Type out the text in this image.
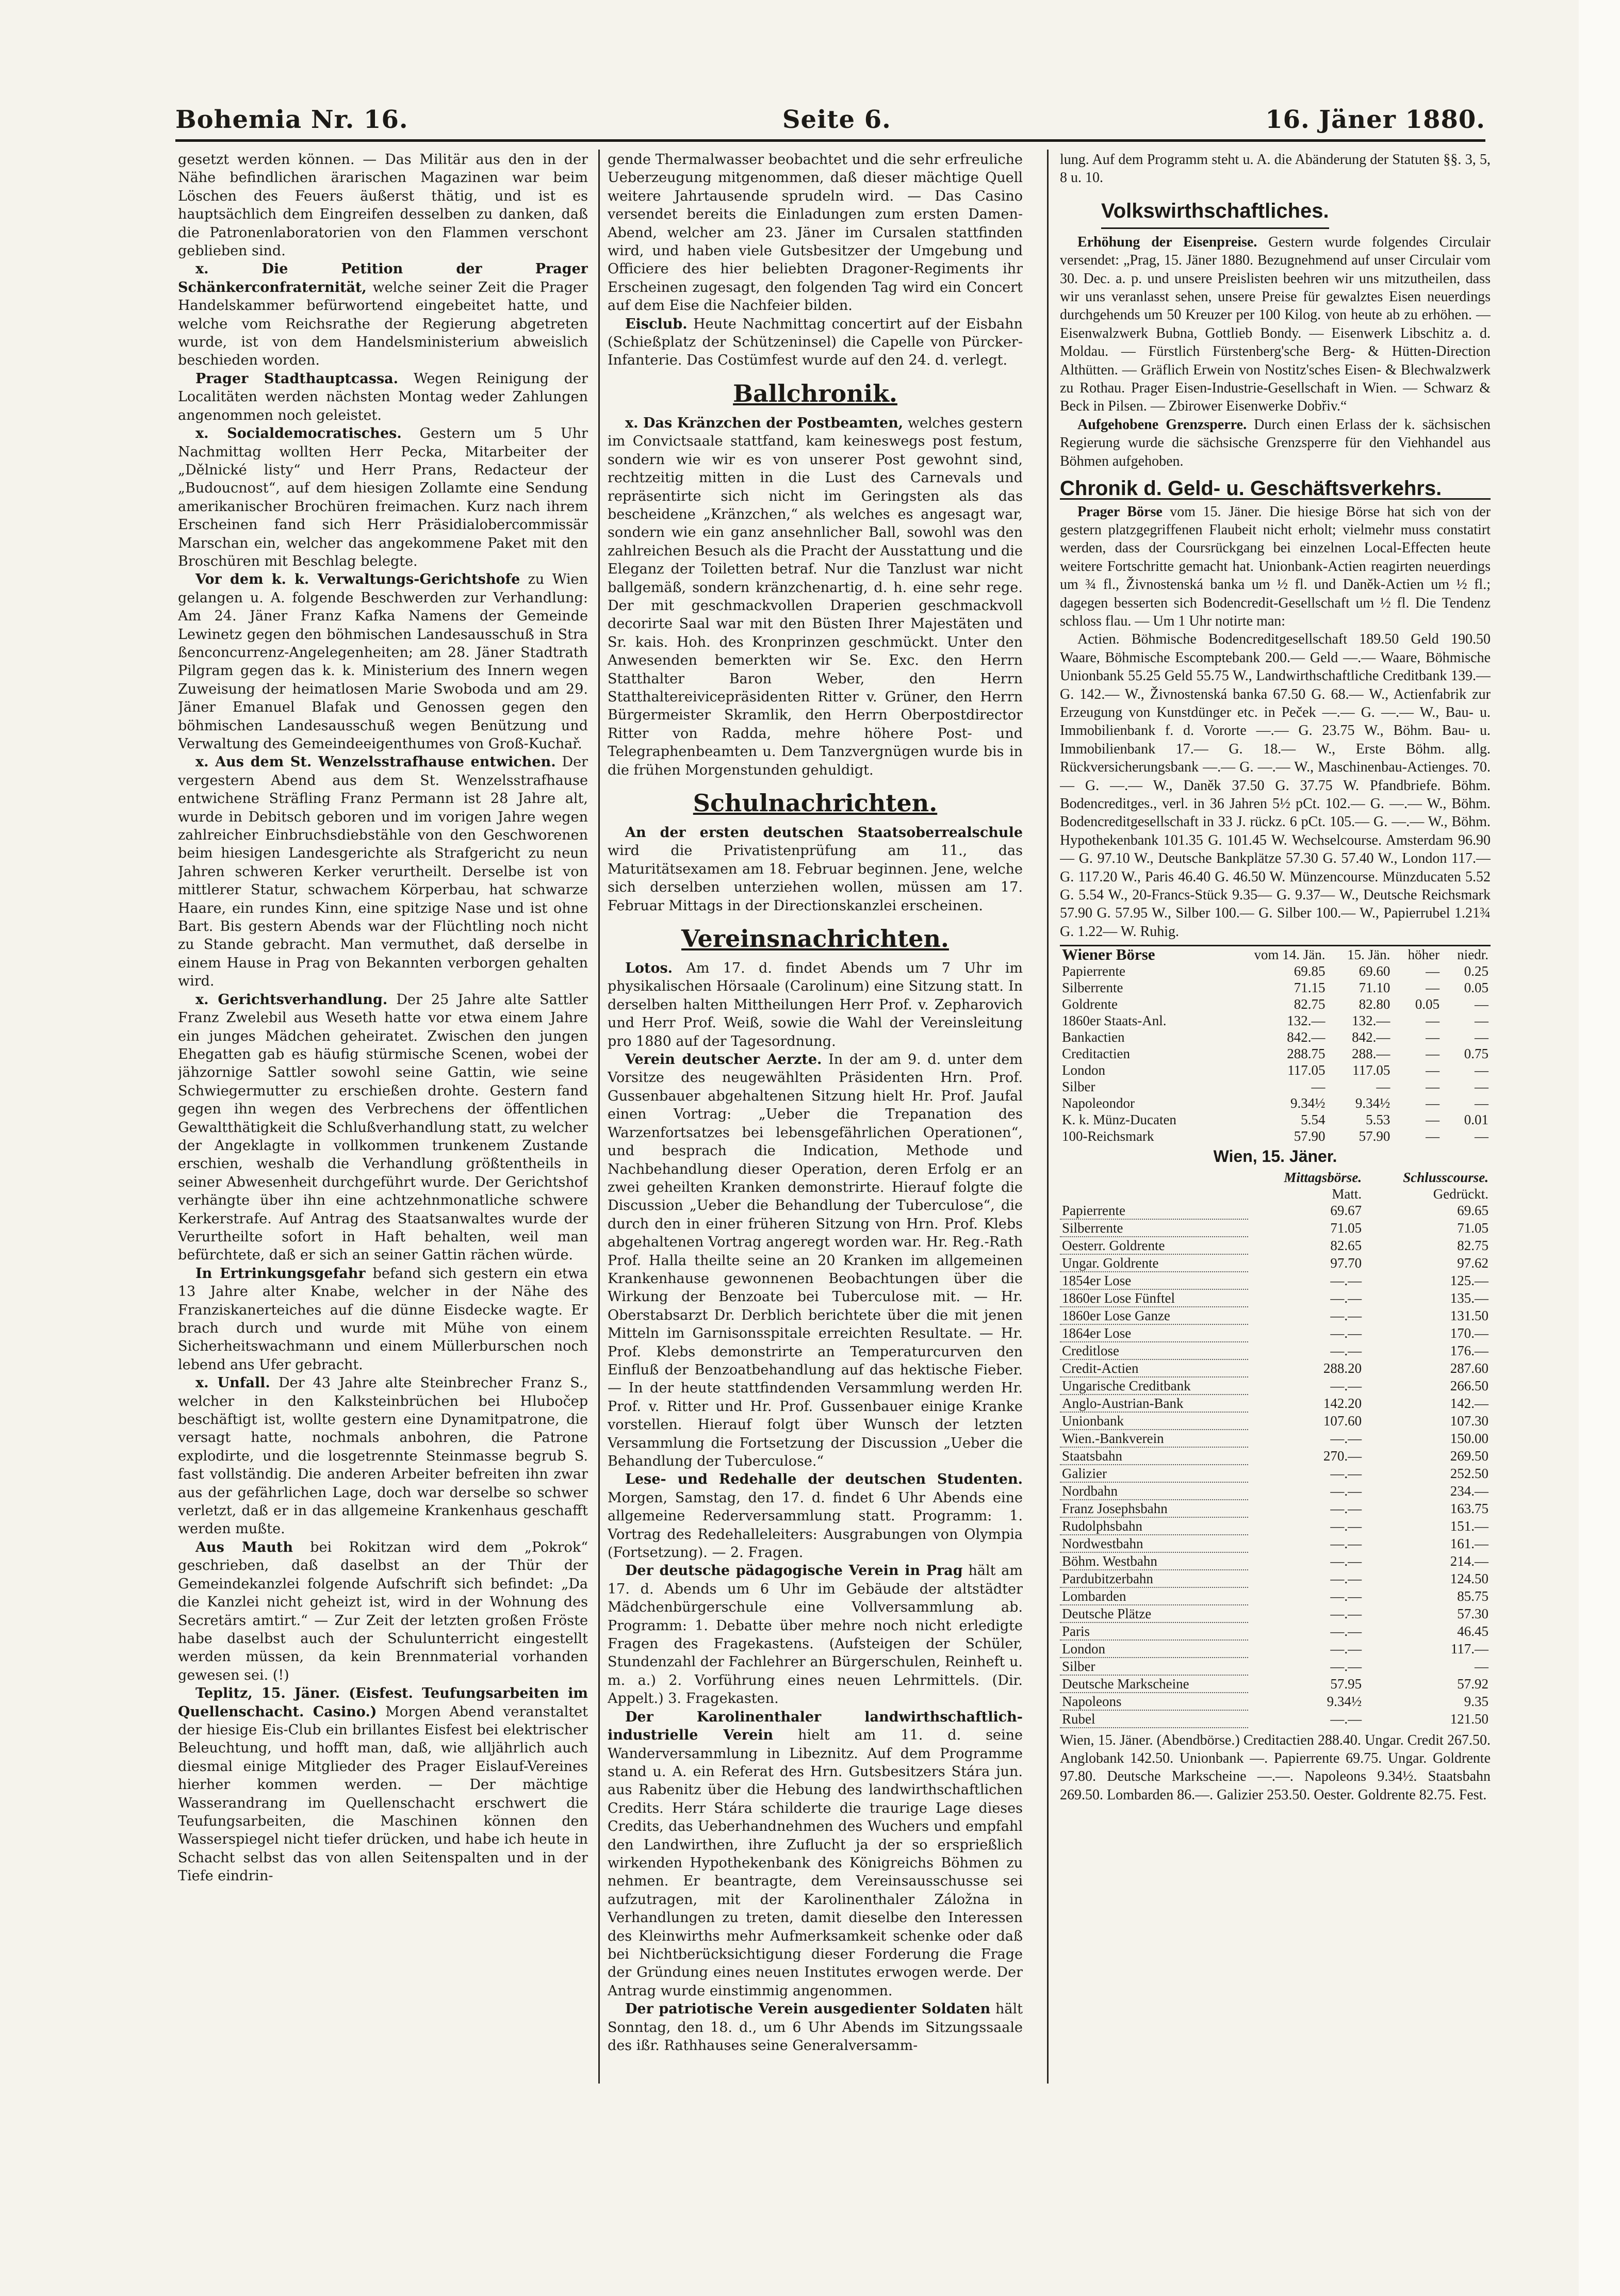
Bohemia Nr. 16.	Seite 6.	16. Jäner 1880.

gesetzt werden können. — Das Militär aus den in der Nähe befindlichen ärarischen Magazinen war beim Löschen des Feuers äußerst thätig, und ist es hauptsächlich dem Eingreifen desselben zu danken, daß die Patronenlaboratorien von den Flammen verschont geblieben sind.

x. Die Petition der Prager Schänkerconfraternität, welche seiner Zeit die Prager Handelskammer befürwortend eingebeitet hatte, und welche vom Reichsrathe der Regierung abgetreten wurde, ist von dem Handelsministerium abweislich beschieden worden.

Prager Stadthauptcassa. Wegen Reinigung der Localitäten werden nächsten Montag weder Zahlungen angenommen noch geleistet.

x. Socialdemocratisches. Gestern um 5 Uhr Nachmittag wollten Herr Pecka, Mitarbeiter der „Dělnické listy“ und Herr Prans, Redacteur der „Budoucnost“, auf dem hiesigen Zollamte eine Sendung amerikanischer Brochüren freimachen. Kurz nach ihrem Erscheinen fand sich Herr Präsidialobercommissär Marschan ein, welcher das angekommene Paket mit den Broschüren mit Beschlag belegte.

Vor dem k. k. Verwaltungs-Gerichtshofe zu Wien gelangen u. A. folgende Beschwerden zur Verhandlung: Am 24. Jäner Franz Kafka Namens der Gemeinde Lewinetz gegen den böhmischen Landesausschuß in Stra ßenconcurrenz-Angelegenheiten; am 28. Jäner Stadtrath Pilgram gegen das k. k. Ministerium des Innern wegen Zuweisung der heimatlosen Marie Swoboda und am 29. Jäner Emanuel Blafak und Genossen gegen den böhmischen Landesausschuß wegen Benützung und Verwaltung des Gemeindeeigenthumes von Groß-Kuchař.

x. Aus dem St. Wenzelsstrafhause entwichen. Der vergestern Abend aus dem St. Wenzelsstrafhause entwichene Sträfling Franz Permann ist 28 Jahre alt, wurde in Debitsch geboren und im vorigen Jahre wegen zahlreicher Einbruchsdiebstähle von den Geschworenen beim hiesigen Landesgerichte als Strafgericht zu neun Jahren schweren Kerker verurtheilt. Derselbe ist von mittlerer Statur, schwachem Körperbau, hat schwarze Haare, ein rundes Kinn, eine spitzige Nase und ist ohne Bart. Bis gestern Abends war der Flüchtling noch nicht zu Stande gebracht. Man vermuthet, daß derselbe in einem Hause in Prag von Bekannten verborgen gehalten wird.

x. Gerichtsverhandlung. Der 25 Jahre alte Sattler Franz Zwelebil aus Weseth hatte vor etwa einem Jahre ein junges Mädchen geheiratet. Zwischen den jungen Ehegatten gab es häufig stürmische Scenen, wobei der jähzornige Sattler sowohl seine Gattin, wie seine Schwiegermutter zu erschießen drohte. Gestern fand gegen ihn wegen des Verbrechens der öffentlichen Gewaltthätigkeit die Schlußverhandlung statt, zu welcher der Angeklagte in vollkommen trunkenem Zustande erschien, weshalb die Verhandlung größtentheils in seiner Abwesenheit durchgeführt wurde. Der Gerichtshof verhängte über ihn eine achtzehnmonatliche schwere Kerkerstrafe. Auf Antrag des Staatsanwaltes wurde der Verurtheilte sofort in Haft behalten, weil man befürchtete, daß er sich an seiner Gattin rächen würde.

In Ertrinkungsgefahr befand sich gestern ein etwa 13 Jahre alter Knabe, welcher in der Nähe des Franziskanerteiches auf die dünne Eisdecke wagte. Er brach durch und wurde mit Mühe von einem Sicherheitswachmann und einem Müllerburschen noch lebend ans Ufer gebracht.

x. Unfall. Der 43 Jahre alte Steinbrecher Franz S., welcher in den Kalksteinbrüchen bei Hlubočep beschäftigt ist, wollte gestern eine Dynamitpatrone, die versagt hatte, nochmals anbohren, die Patrone explodirte, und die losgetrennte Steinmasse begrub S. fast vollständig. Die anderen Arbeiter befreiten ihn zwar aus der gefährlichen Lage, doch war derselbe so schwer verletzt, daß er in das allgemeine Krankenhaus geschafft werden mußte.

Aus Mauth bei Rokitzan wird dem „Pokrok“ geschrieben, daß daselbst an der Thür der Gemeindekanzlei folgende Aufschrift sich befindet: „Da die Kanzlei nicht geheizt ist, wird in der Wohnung des Secretärs amtirt.“ — Zur Zeit der letzten großen Fröste habe daselbst auch der Schulunterricht eingestellt werden müssen, da kein Brennmaterial vorhanden gewesen sei. (!)

Teplitz, 15. Jäner. (Eisfest. Teufungsarbeiten im Quellenschacht. Casino.) Morgen Abend veranstaltet der hiesige Eis-Club ein brillantes Eisfest bei elektrischer Beleuchtung, und hofft man, daß, wie alljährlich auch diesmal einige Mitglieder des Prager Eislauf-Vereines hierher kommen werden. — Der mächtige Wasserandrang im Quellenschacht erschwert die Teufungsarbeiten, die Maschinen können den Wasserspiegel nicht tiefer drücken, und habe ich heute in Schacht selbst das von allen Seitenspalten und in der Tiefe eindrin-

gende Thermalwasser beobachtet und die sehr erfreuliche Ueberzeugung mitgenommen, daß dieser mächtige Quell weitere Jahrtausende sprudeln wird. — Das Casino versendet bereits die Einladungen zum ersten Damen-Abend, welcher am 23. Jäner im Cursalen stattfinden wird, und haben viele Gutsbesitzer der Umgebung und Officiere des hier beliebten Dragoner-Regiments ihr Erscheinen zugesagt, den folgenden Tag wird ein Concert auf dem Eise die Nachfeier bilden.

Eisclub. Heute Nachmittag concertirt auf der Eisbahn (Schießplatz der Schützeninsel) die Capelle von Pürcker-Infanterie. Das Costümfest wurde auf den 24. d. verlegt.

Ballchronik.

x. Das Kränzchen der Postbeamten, welches gestern im Convictsaale stattfand, kam keineswegs post festum, sondern wie wir es von unserer Post gewohnt sind, rechtzeitig mitten in die Lust des Carnevals und repräsentirte sich nicht im Geringsten als das bescheidene „Kränzchen,“ als welches es angesagt war, sondern wie ein ganz ansehnlicher Ball, sowohl was den zahlreichen Besuch als die Pracht der Ausstattung und die Eleganz der Toiletten betraf. Nur die Tanzlust war nicht ballgemäß, sondern kränzchenartig, d. h. eine sehr rege. Der mit geschmackvollen Draperien geschmackvoll decorirte Saal war mit den Büsten Ihrer Majestäten und Sr. kais. Hoh. des Kronprinzen geschmückt. Unter den Anwesenden bemerkten wir Se. Exc. den Herrn Statthalter Baron Weber, den Herrn Statthaltereivicepräsidenten Ritter v. Grüner, den Herrn Bürgermeister Skramlik, den Herrn Oberpostdirector Ritter von Radda, mehre höhere Post- und Telegraphenbeamten u. Dem Tanzvergnügen wurde bis in die frühen Morgenstunden gehuldigt.

Schulnachrichten.

An der ersten deutschen Staatsoberrealschule wird die Privatistenprüfung am 11., das Maturitätsexamen am 18. Februar beginnen. Jene, welche sich derselben unterziehen wollen, müssen am 17. Februar Mittags in der Directionskanzlei erscheinen.

Vereinsnachrichten.

Lotos. Am 17. d. findet Abends um 7 Uhr im physikalischen Hörsaale (Carolinum) eine Sitzung statt. In derselben halten Mittheilungen Herr Prof. v. Zepharovich und Herr Prof. Weiß, sowie die Wahl der Vereinsleitung pro 1880 auf der Tagesordnung.

Verein deutscher Aerzte. In der am 9. d. unter dem Vorsitze des neugewählten Präsidenten Hrn. Prof. Gussenbauer abgehaltenen Sitzung hielt Hr. Prof. Jaufal einen Vortrag: „Ueber die Trepanation des Warzenfortsatzes bei lebensgefährlichen Operationen“, und besprach die Indication, Methode und Nachbehandlung dieser Operation, deren Erfolg er an zwei geheilten Kranken demonstrirte. Hierauf folgte die Discussion „Ueber die Behandlung der Tuberculose“, die durch den in einer früheren Sitzung von Hrn. Prof. Klebs abgehaltenen Vortrag angeregt worden war. Hr. Reg.-Rath Prof. Halla theilte seine an 20 Kranken im allgemeinen Krankenhause gewonnenen Beobachtungen über die Wirkung der Benzoate bei Tuberculose mit. — Hr. Oberstabsarzt Dr. Derblich berichtete über die mit jenen Mitteln im Garnisonsspitale erreichten Resultate. — Hr. Prof. Klebs demonstrirte an Temperaturcurven den Einfluß der Benzoatbehandlung auf das hektische Fieber. — In der heute stattfindenden Versammlung werden Hr. Prof. v. Ritter und Hr. Prof. Gussenbauer einige Kranke vorstellen. Hierauf folgt über Wunsch der letzten Versammlung die Fortsetzung der Discussion „Ueber die Behandlung der Tuberculose.“

Lese- und Redehalle der deutschen Studenten. Morgen, Samstag, den 17. d. findet 6 Uhr Abends eine allgemeine Rederversammlung statt. Programm: 1. Vortrag des Redehalleleiters: Ausgrabungen von Olympia (Fortsetzung). — 2. Fragen.

Der deutsche pädagogische Verein in Prag hält am 17. d. Abends um 6 Uhr im Gebäude der altstädter Mädchenbürgerschule eine Vollversammlung ab. Programm: 1. Debatte über mehre noch nicht erledigte Fragen des Fragekastens. (Aufsteigen der Schüler, Stundenzahl der Fachlehrer an Bürgerschulen, Reinheft u. m. a.) 2. Vorführung eines neuen Lehrmittels. (Dir. Appelt.) 3. Fragekasten.

Der Karolinenthaler landwirthschaftlich-industrielle Verein hielt am 11. d. seine Wanderversammlung in Libeznitz. Auf dem Programme stand u. A. ein Referat des Hrn. Gutsbesitzers Stára jun. aus Rabenitz über die Hebung des landwirthschaftlichen Credits. Herr Stára schilderte die traurige Lage dieses Credits, das Ueberhandnehmen des Wuchers und empfahl den Landwirthen, ihre Zuflucht ja der so ersprießlich wirkenden Hypothekenbank des Königreichs Böhmen zu nehmen. Er beantragte, dem Vereinsausschusse sei aufzutragen, mit der Karolinenthaler Záložna in Verhandlungen zu treten, damit dieselbe den Interessen des Kleinwirths mehr Aufmerksamkeit schenke oder daß bei Nichtberücksichtigung dieser Forderung die Frage der Gründung eines neuen Institutes erwogen werde. Der Antrag wurde einstimmig angenommen.

Der patriotische Verein ausgedienter Soldaten hält Sonntag, den 18. d., um 6 Uhr Abends im Sitzungssaale des ißr. Rathhauses seine Generalversamm-

lung. Auf dem Programm steht u. A. die Abänderung der Statuten §§. 3, 5, 8 u. 10.

Volkswirthschaftliches.

Erhöhung der Eisenpreise. Gestern wurde folgendes Circulair versendet: „Prag, 15. Jäner 1880. Bezugnehmend auf unser Circulair vom 30. Dec. a. p. und unsere Preislisten beehren wir uns mitzutheilen, dass wir uns veranlasst sehen, unsere Preise für gewalztes Eisen neuerdings durchgehends um 50 Kreuzer per 100 Kilog. von heute ab zu erhöhen. — Eisenwalzwerk Bubna, Gottlieb Bondy. — Eisenwerk Libschitz a. d. Moldau. — Fürstlich Fürstenberg'sche Berg- & Hütten-Direction Althütten. — Gräflich Erwein von Nostitz'sches Eisen- & Blechwalzwerk zu Rothau. Prager Eisen-Industrie-Gesellschaft in Wien. — Schwarz & Beck in Pilsen. — Zbirower Eisenwerke Dobřiv.“

Aufgehobene Grenzsperre. Durch einen Erlass der k. sächsischen Regierung wurde die sächsische Grenzsperre für den Viehhandel aus Böhmen aufgehoben.

Chronik d. Geld- u. Geschäftsverkehrs.

Prager Börse vom 15. Jäner. Die hiesige Börse hat sich von der gestern platzgegriffenen Flaubeit nicht erholt; vielmehr muss constatirt werden, dass der Coursrückgang bei einzelnen Local-Effecten heute weitere Fortschritte gemacht hat. Unionbank-Actien reagirten neuerdings um ¾ fl., Živnostenská banka um ½ fl. und Daněk-Actien um ½ fl.; dagegen besserten sich Bodencredit-Gesellschaft um ½ fl. Die Tendenz schloss flau. — Um 1 Uhr notirte man:

Actien. Böhmische Bodencreditgesellschaft 189.50 Geld 190.50 Waare, Böhmische Escomptebank 200.— Geld —.— Waare, Böhmische Unionbank 55.25 Geld 55.75 W., Landwirthschaftliche Creditbank 139.— G. 142.— W., Živnostenská banka 67.50 G. 68.— W., Actienfabrik zur Erzeugung von Kunstdünger etc. in Peček —.— G. —.— W., Bau- u. Immobilienbank f. d. Vororte —.— G. 23.75 W., Böhm. Bau- u. Immobilienbank 17.— G. 18.— W., Erste Böhm. allg. Rückversicherungsbank —.— G. —.— W., Maschinenbau-Actienges. 70.— G. —.— W., Daněk 37.50 G. 37.75 W. Pfandbriefe. Böhm. Bodencreditges., verl. in 36 Jahren 5½ pCt. 102.— G. —.— W., Böhm. Bodencreditgesellschaft in 33 J. rückz. 6 pCt. 105.— G. —.— W., Böhm. Hypothekenbank 101.35 G. 101.45 W. Wechselcourse. Amsterdam 96.90— G. 97.10 W., Deutsche Bankplätze 57.30 G. 57.40 W., London 117.— G. 117.20 W., Paris 46.40 G. 46.50 W. Münzencourse. Münzducaten 5.52 G. 5.54 W., 20-Francs-Stück 9.35— G. 9.37— W., Deutsche Reichsmark 57.90 G. 57.95 W., Silber 100.— G. Silber 100.— W., Papierrubel 1.21¾ G. 1.22— W. Ruhig.

Wiener Börse	vom 14. Jän.	15. Jän.	höher	niedr.
Papierrente	69.85	69.60	—	0.25
Silberrente	71.15	71.10	—	0.05
Goldrente	82.75	82.80	0.05	—
1860er Staats-Anl.	132.—	132.—	—	—
Bankactien	842.—	842.—	—	—
Creditactien	288.75	288.—	—	0.75
London	117.05	117.05	—	—
Silber	—	—	—	—
Napoleondor	9.34½	9.34½	—	—
K. k. Münz-Ducaten	5.54	5.53	—	0.01
100-Reichsmark	57.90	57.90	—	—
Wien, 15. Jäner.
	Mittagsbörse.	Schlusscourse.
	Matt.	Gedrückt.
Papierrente	69.67	69.65
Silberrente	71.05	71.05
Oesterr. Goldrente	82.65	82.75
Ungar. Goldrente	97.70	97.62
1854er Lose	—.—	125.—
1860er Lose Fünftel	—.—	135.—
1860er Lose Ganze	—.—	131.50
1864er Lose	—.—	170.—
Creditlose	—.—	176.—
Credit-Actien	288.20	287.60
Ungarische Creditbank	—.—	266.50
Anglo-Austrian-Bank	142.20	142.—
Unionbank	107.60	107.30
Wien.-Bankverein	—.—	150.00
Staatsbahn	270.—	269.50
Galizier	—.—	252.50
Nordbahn	—.—	234.—
Franz Josephsbahn	—.—	163.75
Rudolphsbahn	—.—	151.—
Nordwestbahn	—.—	161.—
Böhm. Westbahn	—.—	214.—
Pardubitzerbahn	—.—	124.50
Lombarden	—.—	85.75
Deutsche Plätze	—.—	57.30
Paris	—.—	46.45
London	—.—	117.—
Silber	—.—	—
Deutsche Markscheine	57.95	57.92
Napoleons	9.34½	9.35
Rubel	—.—	121.50

Wien, 15. Jäner. (Abendbörse.) Creditactien 288.40. Ungar. Credit 267.50. Anglobank 142.50. Unionbank —. Papierrente 69.75. Ungar. Goldrente 97.80. Deutsche Markscheine —.—. Napoleons 9.34½. Staatsbahn 269.50. Lombarden 86.—. Galizier 253.50. Oester. Goldrente 82.75. Fest.
